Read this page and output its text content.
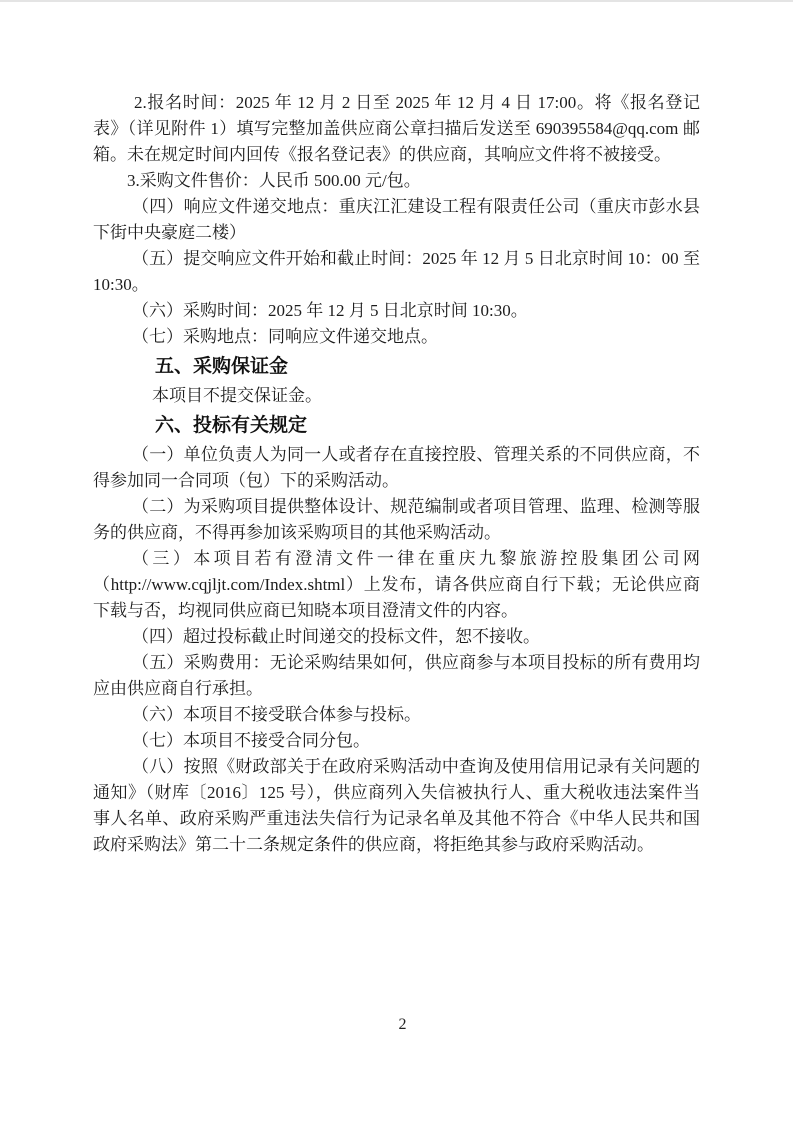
2.报名时间：2025 年 12 月 2 日至 2025 年 12 月 4 日 17:00。将《报名登记表》（详见附件 1）填写完整加盖供应商公章扫描后发送至 690395584@qq.com 邮箱。未在规定时间内回传《报名登记表》的供应商，其响应文件将不被接受。

3.采购文件售价：人民币 500.00 元/包。

（四）响应文件递交地点：重庆江汇建设工程有限责任公司（重庆市彭水县下街中央豪庭二楼）

（五）提交响应文件开始和截止时间：2025 年 12 月 5 日北京时间 10：00 至 10:30。

（六）采购时间：2025 年 12 月 5 日北京时间 10:30。

（七）采购地点：同响应文件递交地点。

五、采购保证金

本项目不提交保证金。

六、投标有关规定

（一）单位负责人为同一人或者存在直接控股、管理关系的不同供应商，不得参加同一合同项（包）下的采购活动。

（二）为采购项目提供整体设计、规范编制或者项目管理、监理、检测等服务的供应商，不得再参加该采购项目的其他采购活动。

（三）本项目若有澄清文件一律在重庆九黎旅游控股集团公司网（http://www.cqjljt.com/Index.shtml）上发布，请各供应商自行下载；无论供应商下载与否，均视同供应商已知晓本项目澄清文件的内容。

（四）超过投标截止时间递交的投标文件，恕不接收。

（五）采购费用：无论采购结果如何，供应商参与本项目投标的所有费用均应由供应商自行承担。

（六）本项目不接受联合体参与投标。

（七）本项目不接受合同分包。

（八）按照《财政部关于在政府采购活动中查询及使用信用记录有关问题的通知》（财库〔2016〕125 号），供应商列入失信被执行人、重大税收违法案件当事人名单、政府采购严重违法失信行为记录名单及其他不符合《中华人民共和国政府采购法》第二十二条规定条件的供应商，将拒绝其参与政府采购活动。

2
